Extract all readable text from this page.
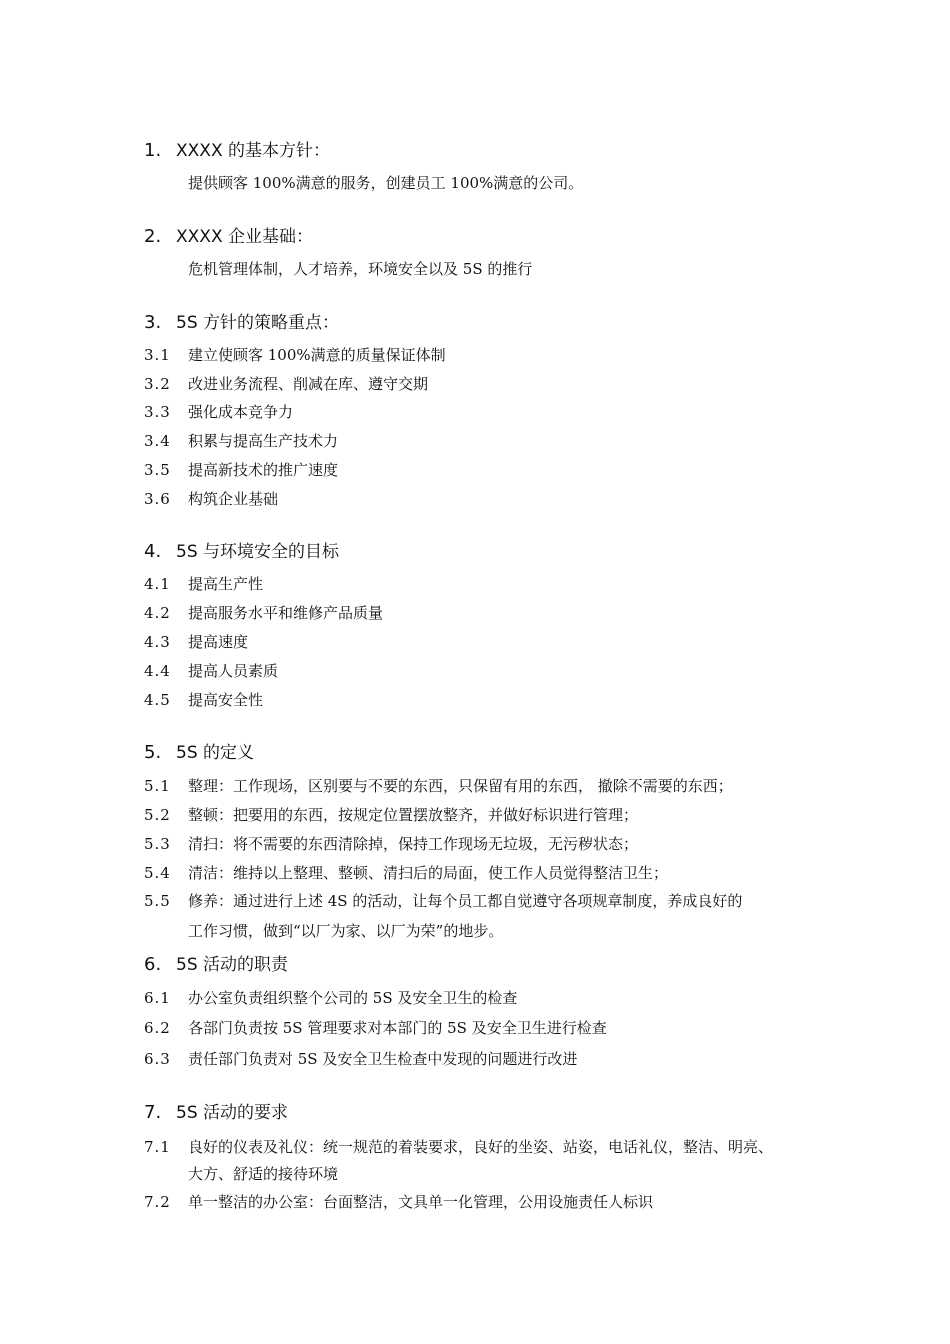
1. XXXX 的基本方针：
提供顾客 100%满意的服务，创建员工 100%满意的公司。
2. XXXX 企业基础：
危机管理体制，人才培养，环境安全以及 5S 的推行
3. 5S 方针的策略重点：
3.1	建立使顾客 100%满意的质量保证体制
3.2	改进业务流程、削减在库、遵守交期
3.3	强化成本竞争力
3.4	积累与提高生产技术力
3.5	提高新技术的推广速度
3.6	构筑企业基础
4. 5S 与环境安全的目标
4.1	提高生产性
4.2	提高服务水平和维修产品质量
4.3	提高速度
4.4	提高人员素质
4.5	提高安全性
5. 5S 的定义
5.1	整理：工作现场，区别要与不要的东西，只保留有用的东西， 撤除不需要的东西；
5.2	整顿：把要用的东西，按规定位置摆放整齐，并做好标识进行管理；
5.3	清扫：将不需要的东西清除掉，保持工作现场无垃圾，无污秽状态；
5.4	清洁：维持以上整理、整顿、清扫后的局面，使工作人员觉得整洁卫生；
5.5	修养：通过进行上述 4S 的活动，让每个员工都自觉遵守各项规章制度，养成良好的
工作习惯，做到“以厂为家、以厂为荣”的地步。
6. 5S 活动的职责
6.1	办公室负责组织整个公司的 5S 及安全卫生的检查
6.2	各部门负责按 5S 管理要求对本部门的 5S 及安全卫生进行检查
6.3	责任部门负责对 5S 及安全卫生检查中发现的问题进行改进
7. 5S 活动的要求
7.1	良好的仪表及礼仪：统一规范的着装要求，良好的坐姿、站姿，电话礼仪，整洁、明亮、
大方、舒适的接待环境
7.2	单一整洁的办公室：台面整洁，文具单一化管理，公用设施责任人标识
